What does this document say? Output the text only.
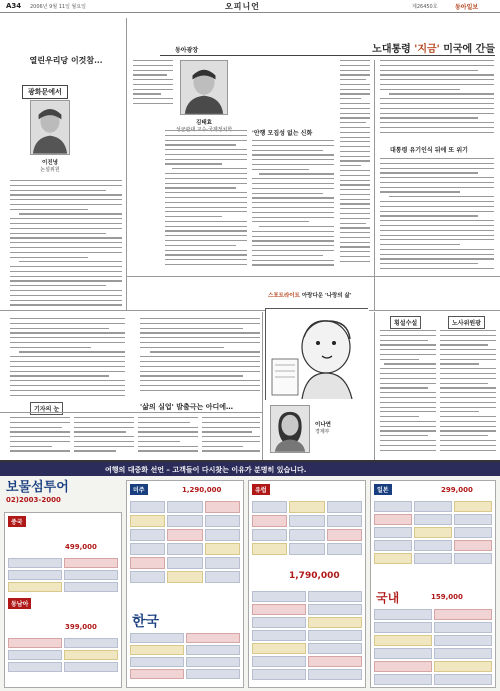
A34 2006년 9월 11일 월요일	오피니언	제26450호	동아일보
열린우리당 이것참...
광화문에서
이진녕
논설위원
동아광장
김태효
노대통령 '지금' 미국에 간들
'안행 모집성 없는 신화
대통령 유기인식 뒤에 또 위기
기자의 눈	'삶의 실업' 발출극는 아디에…
스포트라이트 아랑다운 '나랑의 삶'
이나연
경제부
횡설수설	노사위원광
여행의 대중화 선언 – 고객들이 다시찾는 이유가 분명히 있습니다.
보물섬투어
02)2003-2000
중국
499,000
동남아
399,000
미주	1,290,000
한국
유럽
1,790,000
일본	299,000
국내	159,000
